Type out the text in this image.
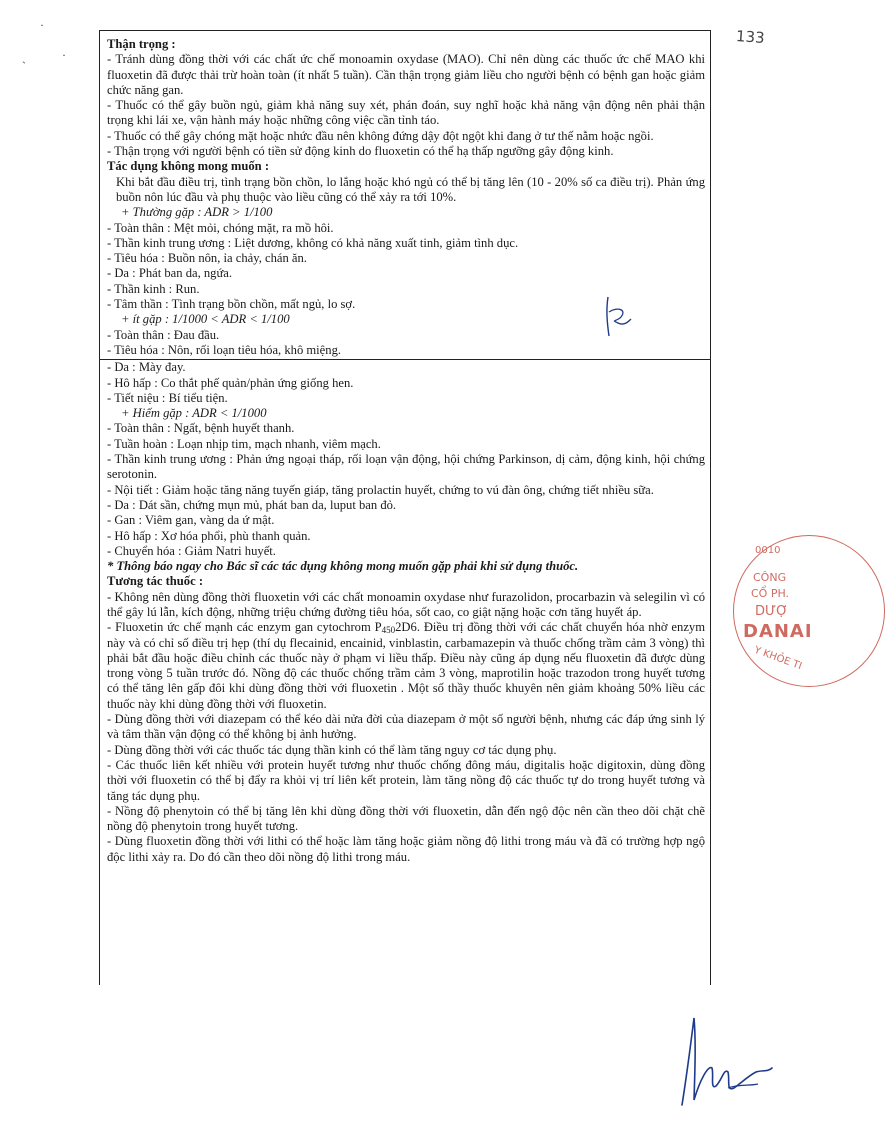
133
·
ˏ	·

Thận trọng :

- Tránh dùng đồng thời với các chất ức chế monoamin oxydase (MAO). Chỉ nên dùng các thuốc ức chế MAO khi fluoxetin đã được thải trừ hoàn toàn (ít nhất 5 tuần). Cần thận trọng giảm liều cho người bệnh có bệnh gan hoặc giảm chức năng gan.

- Thuốc có thể gây buồn ngủ, giảm khả năng suy xét, phán đoán, suy nghĩ hoặc khả năng vận động nên phải thận trọng khi lái xe, vận hành máy hoặc những công việc cần tỉnh táo.

- Thuốc có thể gây chóng mặt hoặc nhức đầu nên không đứng dậy đột ngột khi đang ở tư thế nằm hoặc ngồi.

- Thận trọng với người bệnh có tiền sử động kinh do fluoxetin có thể hạ thấp ngưỡng gây động kinh.

Tác dụng không mong muốn :

Khi bắt đầu điều trị, tình trạng bồn chồn, lo lắng hoặc khó ngủ có thể bị tăng lên (10 - 20% số ca điều trị). Phản ứng buồn nôn lúc đầu và phụ thuộc vào liều cũng có thể xảy ra tới 10%.

+ Thường gặp : ADR > 1/100

- Toàn thân : Mệt mỏi, chóng mặt, ra mồ hôi.

- Thần kinh trung ương : Liệt dương, không có khả năng xuất tinh, giảm tình dục.

- Tiêu hóa : Buồn nôn, ỉa chảy, chán ăn.

- Da : Phát ban da, ngứa.

- Thần kinh : Run.

- Tâm thần : Tình trạng bồn chồn, mất ngủ, lo sợ.

+ ít gặp : 1/1000 < ADR < 1/100

- Toàn thân : Đau đầu.

- Tiêu hóa : Nôn, rối loạn tiêu hóa, khô miệng.

- Da : Mày đay.

- Hô hấp : Co thắt phế quản/phản ứng giống hen.

- Tiết niệu : Bí tiểu tiện.

+ Hiếm gặp : ADR < 1/1000

- Toàn thân : Ngất, bệnh huyết thanh.

- Tuần hoàn : Loạn nhịp tim, mạch nhanh, viêm mạch.

- Thần kinh trung ương : Phản ứng ngoại tháp, rối loạn vận động, hội chứng Parkinson, dị cảm, động kinh, hội chứng serotonin.

- Nội tiết : Giảm hoặc tăng năng tuyến giáp, tăng prolactin huyết, chứng to vú đàn ông, chứng tiết nhiều sữa.

- Da : Dát sần, chứng mụn mủ, phát ban da, luput ban đỏ.

- Gan : Viêm gan, vàng da ứ mật.

- Hô hấp : Xơ hóa phổi, phù thanh quản.

- Chuyển hóa : Giảm Natri huyết.

* Thông báo ngay cho Bác sĩ các tác dụng không mong muốn gặp phải khi sử dụng thuốc.

Tương tác thuốc :

- Không nên dùng đồng thời fluoxetin với các chất monoamin oxydase như furazolidon, procarbazin và selegilin vì có thể gây lú lẫn, kích động, những triệu chứng đường tiêu hóa, sốt cao, co giật nặng hoặc cơn tăng huyết áp.

- Fluoxetin ức chế mạnh các enzym gan cytochrom $P_{450}2D6$. Điều trị đồng thời với các chất chuyển hóa nhờ enzym này và có chỉ số điều trị hẹp (thí dụ flecainid, encainid, vinblastin, carbamazepin và thuốc chống trầm cảm 3 vòng) thì phải bắt đầu hoặc điều chỉnh các thuốc này ở phạm vi liều thấp. Điều này cũng áp dụng nếu fluoxetin đã được dùng trong vòng 5 tuần trước đó. Nồng độ các thuốc chống trầm cảm 3 vòng, maprotilin hoặc trazodon trong huyết tương có thể tăng lên gấp đôi khi dùng đồng thời với fluoxetin . Một số thầy thuốc khuyên nên giảm khoảng 50% liều các thuốc này khi dùng đồng thời với fluoxetin.

- Dùng đồng thời với diazepam có thể kéo dài nửa đời của diazepam ở một số người bệnh, nhưng các đáp ứng sinh lý và tâm thần vận động có thể không bị ảnh hưởng.

- Dùng đồng thời với các thuốc tác dụng thần kinh có thể làm tăng nguy cơ tác dụng phụ.

- Các thuốc liên kết nhiều với protein huyết tương như thuốc chống đông máu, digitalis hoặc digitoxin, dùng đồng thời với fluoxetin có thể bị đẩy ra khỏi vị trí liên kết protein, làm tăng nồng độ các thuốc tự do trong huyết tương và tăng tác dụng phụ.

- Nồng độ phenytoin có thể bị tăng lên khi dùng đồng thời với fluoxetin, dẫn đến ngộ độc nên cần theo dõi chặt chẽ nồng độ phenytoin trong huyết tương.

- Dùng fluoxetin đồng thời với lithi có thể hoặc làm tăng hoặc giảm nồng độ lithi trong máu và đã có trường hợp ngộ độc lithi xảy ra. Do đó cần theo dõi nồng độ lithi trong máu.

0010
CÔNG
CỔ PH.
DƯỢ
DANAI
Y KHỎE TI
